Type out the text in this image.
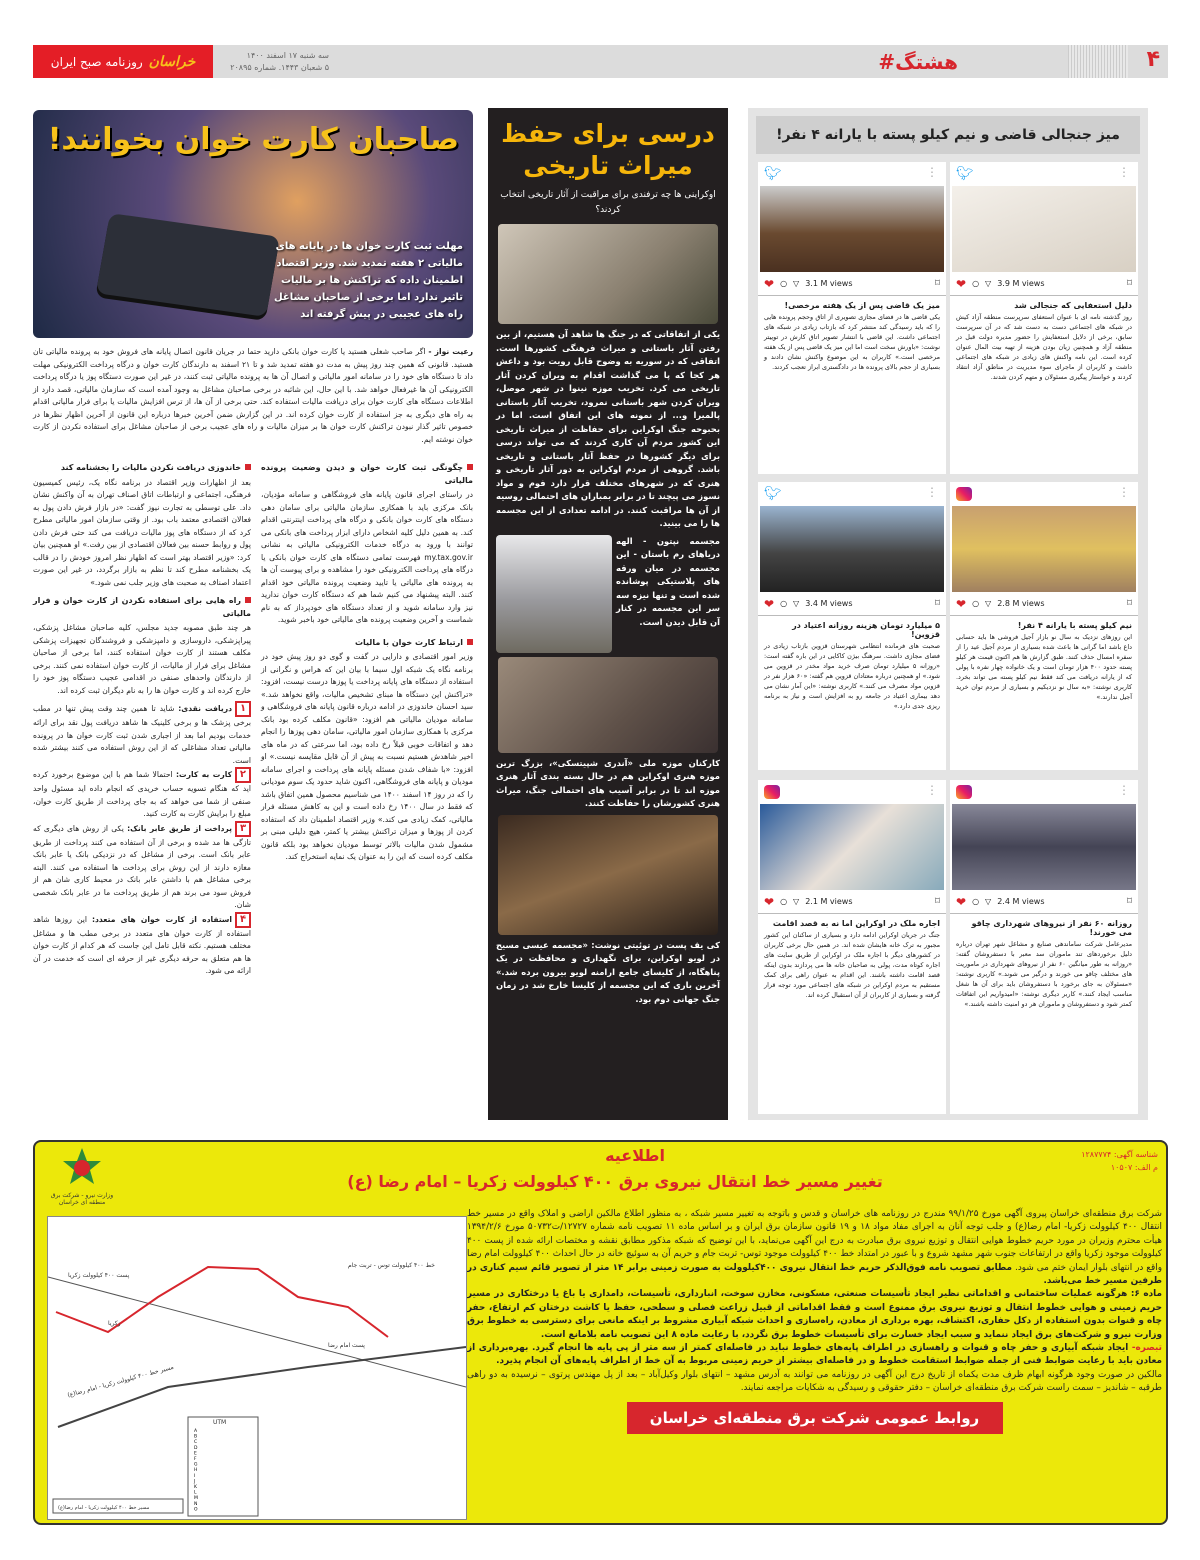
خراسان
روزنامه صبح ایران	سه شنبه ۱۷ اسفند ۱۴۰۰
۵ شعبان ۱۴۴۳. شماره ۲۰۸۹۵	#هشتگ	۴
میز جنجالی قاضی و نیم کیلو پسته با یارانه ۴ نفر!
🐦︎	⋮
❤ ○ ▽ 3.9 M views	⌑
دلیل استعفایی که جنجالی شد

روز گذشته نامه ای با عنوان استعفای سرپرست منطقه آزاد کیش در شبکه های اجتماعی دست به دست شد که در آن سرپرست سابق، برخی از دلایل استعفایش را حضور مدیره دولت قبل در منطقه آزاد و همچنین زیان بودن هزینه از تهیه بیت المال عنوان کرده است. این نامه واکنش های زیادی در شبکه های اجتماعی داشت و کاربران از ماجرای سوء مدیریت در مناطق آزاد انتقاد کردند و خواستار پیگیری مسئولان و متهم کردن شدند.

🐦︎	⋮
❤ ○ ▽ 3.1 M views	⌑
میز یک قاضی پس از یک هفته مرخصی!

یکی قاضی ها در فضای مجازی تصویری از اتاق وحجم پرونده هایی را که باید رسیدگی کند منتشر کرد که بازتاب زیادی در شبکه های اجتماعی داشت. این قاضی با انتشار تصویر اتاق کارش در توییتر نوشت: «باورش سخت است اما این میز یک قاضی پس از یک هفته مرخصی است.» کاربران به این موضوع واکنش نشان دادند و بسیاری از حجم بالای پرونده ها در دادگستری ابراز تعجب کردند.

⋮
❤ ○ ▽ 2.8 M views	⌑
نیم کیلو پسته با یارانه ۴ نفر!

این روزهای نزدیک به سال نو بازار آجیل فروشی ها باید حسابی داغ باشد اما گرانی ها باعث شده بسیاری از مردم آجیل عید را از سفره امسال حذف کنند. طبق گزارش ها هم اکنون قیمت هر کیلو پسته حدود ۴۰۰ هزار تومان است و یک خانواده چهار نفره با پولی که از یارانه دریافت می کند فقط نیم کیلو پسته می تواند بخرد. کاربری نوشته: «به سال نو نزدیکیم و بسیاری از مردم توان خرید آجیل ندارند.»

🐦︎	⋮
❤ ○ ▽ 3.4 M views	⌑
۵ میلیارد تومان هزینه روزانه اعتیاد در قزوین!

صحبت های فرمانده انتظامی شهرستان قزوین بازتاب زیادی در فضای مجازی داشت. سرهنگ بیژن کاکایی در این باره گفته است: «روزانه ۵ میلیارد تومان صرف خرید مواد مخدر در قزوین می شود.» او همچنین درباره معتادان قزوین هم گفته: «۶۰ هزار نفر در قزوین مواد مصرف می کنند.» کاربری نوشته: «این آمار نشان می دهد بیماری اعتیاد در جامعه رو به افزایش است و نیاز به برنامه ریزی جدی دارد.»

⋮
❤ ○ ▽ 2.4 M views	⌑
روزانه ۶۰ نفر از نیروهای شهرداری چاقو می خورند!

مدیرعامل شرکت ساماندهی صنایع و مشاغل شهر تهران درباره دلیل برخوردهای تند ماموران سد معبر با دستفروشان گفته: «روزانه به طور میانگین ۶۰ نفر از نیروهای شهرداری در ماموریت های مختلف چاقو می خورند و درگیر می شوند.» کاربری نوشته: «مسئولان به جای برخورد با دستفروشان باید برای آن ها شغل مناسب ایجاد کنند.» کاربر دیگری نوشته: «امیدواریم این اتفاقات کمتر شود و دستفروشان و ماموران هر دو امنیت داشته باشند.»

⋮
❤ ○ ▽ 2.1 M views	⌑
اجاره ملک در اوکراین اما نه به قصد اقامت

جنگ در جریان اوکراین ادامه دارد و بسیاری از ساکنان این کشور مجبور به ترک خانه هایشان شده اند. در همین حال برخی کاربران در کشورهای دیگر با اجاره ملک در اوکراین از طریق سایت های اجاره کوتاه مدت، پولی به صاحبان خانه ها می پردازند بدون اینکه قصد اقامت داشته باشند. این اقدام به عنوان راهی برای کمک مستقیم به مردم اوکراین در شبکه های اجتماعی مورد توجه قرار گرفته و بسیاری از کاربران از آن استقبال کرده اند.

درسی برای حفظ میراث تاریخی
اوکراینی ها چه ترفندی برای مراقبت از آثار تاریخی انتخاب کردند؟
یکی از اتفاقاتی که در جنگ ها شاهد آن هستیم، از بین رفتن آثار باستانی و میراث فرهنگی کشورها است. اتفاقی که در سوریه به وضوح قابل رویت بود و داعش هر کجا که پا می گذاشت اقدام به ویران کردن آثار تاریخی می کرد. تخریب موزه نینوا در شهر موصل، ویران کردن شهر باستانی نمرود، تخریب آثار باستانی پالمیرا و... از نمونه های این اتفاق است. اما در بحبوحه جنگ اوکراین برای حفاظت از میراث تاریخی این کشور مردم آن کاری کردند که می تواند درسی برای دیگر کشورها در حفظ آثار باستانی و تاریخی باشد. گروهی از مردم اوکراین به دور آثار تاریخی و هنری که در شهرهای مختلف قرار دارد فوم و مواد نسوز می پیچند تا در برابر بمباران های احتمالی روسیه از آن ها مراقبت کنند. در ادامه تعدادی از این مجسمه ها را می بینید.
مجسمه نپتون - الهه دریاهای رم باستان - این مجسمه در میان ورقه های پلاستیکی پوشانده شده است و تنها نیزه سه سر این مجسمه در کنار آن قابل دیدن است.
کارکنان موزه ملی «آندری شپیتسکی»، بزرگ ترین موزه هنری اوکراین هم در حال بسته بندی آثار هنری موزه اند تا در برابر آسیب های احتمالی جنگ، میراث هنری کشورشان را حفاظت کنند.
کی یف پست در توئیتی نوشت: «مجسمه عیسی مسیح در لویو اوکراین، برای نگهداری و محافظت در یک پناهگاه، از کلیسای جامع ارامنه لویو بیرون برده شد.» آخرین باری که این مجسمه از کلیسا خارج شد در زمان جنگ جهانی دوم بود.
صاحبان کارت خوان بخوانند!
مهلت ثبت کارت خوان ها در پایانه های مالیاتی ۲ هفته تمدید شد. وزیر اقتصاد اطمینان داده که تراکنش ها بر مالیات تاثیر ندارد اما برخی از صاحبان مشاغل راه های عجیبی در پیش گرفته اند
رعیت نواز - اگر صاحب شغلی هستید یا کارت خوان بانکی دارید حتما در جریان قانون اتصال پایانه های فروش خود به پرونده مالیاتی تان هستید. قانونی که همین چند روز پیش به مدت دو هفته تمدید شد و تا ۲۱ اسفند به دارندگان کارت خوان و درگاه پرداخت الکترونیکی مهلت داد تا دستگاه های خود را در سامانه امور مالیاتی و اتصال آن ها به پرونده مالیاتی ثبت کنند، در غیر این صورت دستگاه پوز یا درگاه پرداخت الکترونیکی آن ها غیرفعال خواهد شد. با این حال، این شائبه در برخی صاحبان مشاغل به وجود آمده است که سازمان مالیاتی، قصد دارد از اطلاعات دستگاه های کارت خوان برای دریافت مالیات استفاده کند. حتی برخی از آن ها، از ترس افزایش مالیات یا برای فرار مالیاتی اقدام به راه های دیگری به جز استفاده از کارت خوان کرده اند. در این گزارش ضمن آخرین خبرها درباره این قانون از آخرین اظهار نظرها در خصوص تاثیر گذار نبودن تراکنش کارت خوان ها بر میزان مالیات و راه های عجیب برخی از صاحبان مشاغل برای استفاده نکردن از کارت خوان نوشته ایم.
چگونگی ثبت کارت خوان و دیدن وضعیت پرونده مالیاتی
در راستای اجرای قانون پایانه های فروشگاهی و سامانه مؤدیان، بانک مرکزی باید با همکاری سازمان مالیاتی برای سامان دهی دستگاه های کارت خوان بانکی و درگاه های پرداخت اینترنتی اقدام کند. به همین دلیل کلیه اشخاص دارای ابزار پرداخت های بانکی می توانند با ورود به درگاه خدمات الکترونیکی مالیاتی به نشانی my.tax.gov.ir فهرست تمامی دستگاه های کارت خوان بانکی یا درگاه های پرداخت الکترونیکی خود را مشاهده و برای پیوست آن ها به پرونده های مالیاتی یا تایید وضعیت پرونده مالیاتی خود اقدام کنند. البته پیشنهاد می کنیم شما هم که دستگاه کارت خوان ندارید نیز وارد سامانه شوید و از تعداد دستگاه های خودپرداز که به نام شماست و آخرین وضعیت پرونده های مالیاتی خود باخبر شوید.
ارتباط کارت خوان با مالیات
وزیر امور اقتصادی و دارایی در گفت و گوی دو روز پیش خود در برنامه نگاه یک شبکه اول سیما با بیان این که هراس و نگرانی از استفاده از دستگاه های پایانه پرداخت یا پوزها درست نیست، افزود: «تراکنش این دستگاه ها مبنای تشخیص مالیات، واقع نخواهد شد.» سید احسان خاندوزی در ادامه درباره قانون پایانه های فروشگاهی و سامانه مودیان مالیاتی هم افزود: «قانون مکلف کرده بود بانک مرکزی با همکاری سازمان امور مالیاتی، سامان دهی پوزها را انجام دهد و اتفاقات خوبی قبلاً رخ داده بود، اما سرعتی که در ماه های اخیر شاهدش هستیم نسبت به پیش از آن قابل مقایسه نیست.» او افزود: «با شفاف شدن مسئله پایانه های پرداخت و اجرای سامانه مودیان و پایانه های فروشگاهی، اکنون شاید حدود یک سوم مودیانی را که در روز ۱۴ اسفند ۱۴۰۰ می شناسیم محصول همین اتفاق باشد که فقط در سال ۱۴۰۰ رخ داده است و این به کاهش مسئله فرار مالیاتی، کمک زیادی می کند.» وزیر اقتصاد اطمینان داد که استفاده کردن از پوزها و میزان تراکنش بیشتر یا کمتر، هیچ دلیلی مبنی بر مشمول شدن مالیات بالاتر توسط مودیان نخواهد بود بلکه قانون مکلف کرده است که این را به عنوان یک نمایه استخراج کند.
خاندوزی دریافت نکردن مالیات را بخشنامه کند
بعد از اظهارات وزیر اقتصاد در برنامه نگاه یک، رئیس کمیسیون فرهنگی، اجتماعی و ارتباطات اتاق اصناف تهران به آن واکنش نشان داد. علی توسطی به تجارت نیوز گفت: «در بازار فرش دادن پول به فعالان اقتصادی معتمد باب بود. از وقتی سازمان امور مالیاتی مطرح کرد که از دستگاه های پوز مالیات دریافت می کند حتی فرش دادن پول و روابط حسنه بین فعالان اقتصادی از بین رفت.» او همچنین بیان کرد: «وزیر اقتصاد بهتر است که اظهار نظر امروز خودش را در قالب یک بخشنامه مطرح کند تا نظم به بازار برگردد، در غیر این صورت اعتماد اصناف به صحبت های وزیر جلب نمی شود.»
راه هایی برای استفاده نکردن از کارت خوان و فرار مالیاتی
هر چند طبق مصوبه جدید مجلس، کلیه صاحبان مشاغل پزشکی، پیراپزشکی، داروسازی و دامپزشکی و فروشندگان تجهیزات پزشکی مکلف هستند از کارت خوان استفاده کنند، اما برخی از صاحبان مشاغل برای فرار از مالیات، از کارت خوان استفاده نمی کنند. برخی از دارندگان واحدهای صنفی در اقدامی عجیب دستگاه پوز خود را خارج کرده اند و کارت خوان ها را به نام دیگران ثبت کرده اند.
۱دریافت نقدی: شاید تا همین چند وقت پیش تنها در مطب برخی پزشک ها و برخی کلینیک ها شاهد دریافت پول نقد برای ارائه خدمات بودیم اما بعد از اجباری شدن ثبت کارت خوان ها در پرونده مالیاتی تعداد مشاغلی که از این روش استفاده می کنند بیشتر شده است.
۲کارت به کارت: احتمالا شما هم با این موضوع برخورد کرده اید که هنگام تسویه حساب خریدی که انجام داده اید مسئول واحد صنفی از شما می خواهد که به جای پرداخت از طریق کارت خوان، مبلغ را برایش کارت به کارت کنید.
۳پرداخت از طریق عابر بانک: یکی از روش های دیگری که تازگی ها مد شده و برخی از آن استفاده می کنند پرداخت از طریق عابر بانک است. برخی از مشاغل که در نزدیکی بانک یا عابر بانک مغازه دارند از این روش برای پرداخت ها استفاده می کنند. البته برخی مشاغل هم با داشتن عابر بانک در محیط کاری شان هم از فروش سود می برند هم از طریق پرداخت ما در عابر بانک شخصی شان.
۴استفاده از کارت خوان های متعدد: این روزها شاهد استفاده از کارت خوان های متعدد در برخی مطب ها و مشاغل مختلف هستیم. نکته قابل تامل این جاست که هر کدام از کارت خوان ها هم متعلق به حرفه دیگری غیر از حرفه ای است که خدمت در آن ارائه می شود.
وزارت نیرو - شرکت برق منطقه ای خراسان
اطلاعیه
تغییر مسیر خط انتقال نیروی برق ۴۰۰ کیلوولت زکریا – امام رضا (ع)
شناسه آگهی: ۱۲۸۷۷۷۴
م الف: ۱۰۵۰۷
شرکت برق منطقه‌ای خراسان پیروی آگهی مورخ ۹۹/۱/۲۵ مندرج در روزنامه های خراسان و قدس و باتوجه به تغییر مسیر شبکه ، به منظور اطلاع مالکین اراضی و املاک واقع در مسیر خط انتقال ۴۰۰ کیلوولت زکریا- امام رضا(ع) و جلب توجه آنان به اجرای مفاد مواد ۱۸ و ۱۹ قانون سازمان برق ایران و بر اساس ماده ۱۱ تصویب نامه شماره ۱۲۷۲۷/ت۵۰۷۳۲ مورخ ۱۳۹۴/۲/۶ هیأت محترم وزیران در مورد حریم خطوط هوایی انتقال و توزیع نیروی برق مبادرت به درج این آگهی می‌نماید، با این توضیح که شبکه مذکور مطابق نقشه و مختصات ارائه شده از پست ۴۰۰ کیلوولت موجود زکریا واقع در ارتفاعات جنوب شهر مشهد شروع و با عبور در امتداد خط ۴۰۰ کیلوولت موجود توس- تربت جام و حریم آن به سوئیچ خانه در حال احداث ۴۰۰ کیلوولت امام رضا واقع در انتهای بلوار ایمان ختم می شود. مطابق تصویب نامه فوق‌الذکر حریم خط انتقال نیروی ۴۰۰کیلوولت به صورت زمینی برابر ۱۴ متر از تصویر قائم سیم کناری در طرفین مسیر خط می‌باشد.
ماده ۶: هرگونه عملیات ساختمانی و اقداماتی نظیر ایجاد تأسیسات صنعتی، مسکونی، مخازن سوخت، انبارداری، تأسیسات، دامداری یا باغ یا درختکاری در مسیر حریم زمینی و هوایی خطوط انتقال و توزیع نیروی برق ممنوع است و فقط اقداماتی از قبیل زراعت فصلی و سطحی، حفظ یا کاشت درختان کم ارتفاع، حفر چاه و قنوات بدون استفاده از دکل حفاری، اکتشاف، بهره برداری از معادن، راه‌سازی و احداث شبکه آبیاری مشروط بر اینکه مانعی برای دسترسی به خطوط برق وزارت نیرو و شرکت‌های برق ایجاد ننماید و سبب ایجاد خسارت برای تأسیسات خطوط برق نگردد، با رعایت ماده ۸ این تصویب نامه بلامانع است.
تبصره- ایجاد شبکه آبیاری و حفر چاه و قنوات و راهسازی در اطراف پایه‌های خطوط نباید در فاصله‌ای کمتر از سه متر از پی پایه ها انجام گیرد. بهره‌برداری از معادن باید با رعایت ضوابط فنی از جمله ضوابط استقامت خطوط و در فاصله‌ای بیشتر از حریم زمینی مربوط به آن خط از اطراف پایه‌های آن انجام پذیرد.
مالکین در صورت وجود هرگونه ابهام ظرف مدت یکماه از تاریخ درج این آگهی در روزنامه می توانند به آدرس مشهد – انتهای بلوار وکیل‌آباد – بعد از پل مهندس پرتوی – نرسیده به دو راهی طرقبه – شاندیز – سمت راست شرکت برق منطقه‌ای خراسان – دفتر حقوقی و رسیدگی به شکایات مراجعه نمایند.
روابط عمومی شرکت برق منطقه‌ای خراسان
پست ۴۰۰ کیلوولت زکریا
خط ۴۰۰ کیلوولت توس - تربت جام
مسیر خط ۴۰۰ کیلوولت زکریا - امام رضا(ع)
پست امام رضا
زکریا
UTM
مسیر خط ۴۰۰ کیلوولت زکریا - امام رضا(ع)
A
B
C
D
E
F
G
H
I
J
K
L
M
N
O
